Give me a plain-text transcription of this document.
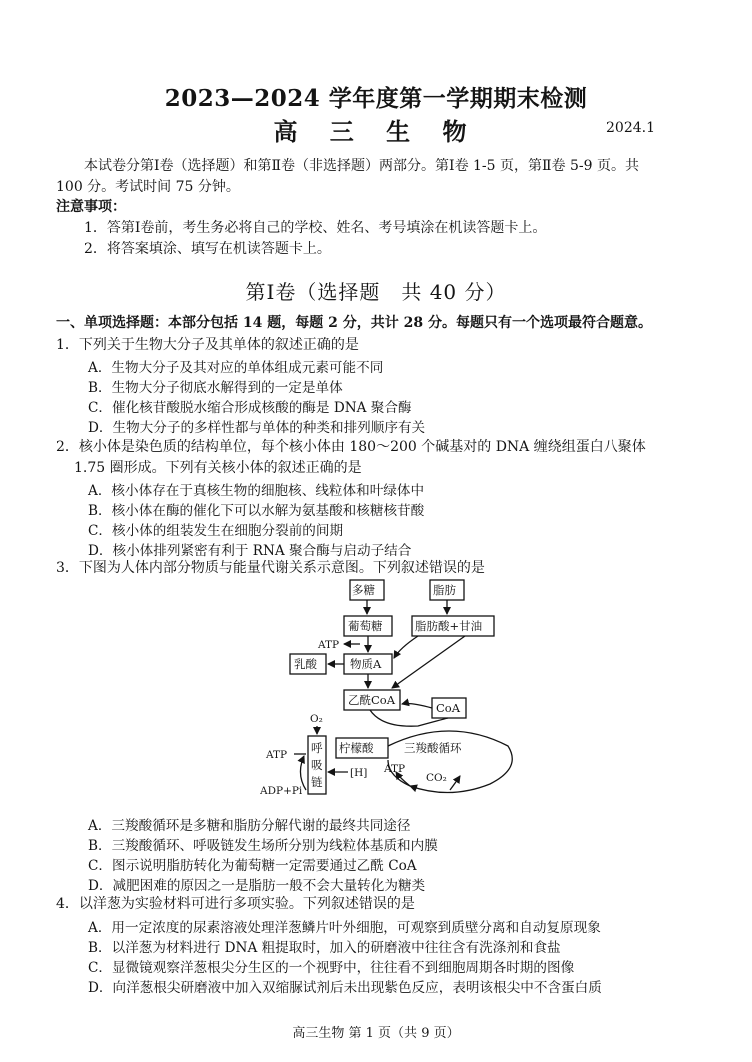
2023—2024 学年度第一学期期末检测
高 三 生 物	2024.1
本试卷分第Ⅰ卷（选择题）和第Ⅱ卷（非选择题）两部分。第Ⅰ卷 1-5 页，第Ⅱ卷 5-9 页。共
100 分。考试时间 75 分钟。
注意事项：
1．答第Ⅰ卷前，考生务必将自己的学校、姓名、考号填涂在机读答题卡上。
2．将答案填涂、填写在机读答题卡上。
第Ⅰ卷（选择题　共 40 分）
一、单项选择题：本部分包括 14 题，每题 2 分，共计 28 分。每题只有一个选项最符合题意。
1．下列关于生物大分子及其单体的叙述正确的是
A．生物大分子及其对应的单体组成元素可能不同
B．生物大分子彻底水解得到的一定是单体
C．催化核苷酸脱水缩合形成核酸的酶是 DNA 聚合酶
D．生物大分子的多样性都与单体的种类和排列顺序有关
2．核小体是染色质的结构单位，每个核小体由 180～200 个碱基对的 DNA 缠绕组蛋白八聚体
1.75 圈形成。下列有关核小体的叙述正确的是
A．核小体存在于真核生物的细胞核、线粒体和叶绿体中
B．核小体在酶的催化下可以水解为氨基酸和核糖核苷酸
C．核小体的组装发生在细胞分裂前的间期
D．核小体排列紧密有利于 RNA 聚合酶与启动子结合
3．下图为人体内部分物质与能量代谢关系示意图。下列叙述错误的是
多糖	脂肪
葡萄糖	脂肪酸+甘油
ATP
乳酸	物质A
乙酰CoA
CoA
O₂
ATP
ADP+Pi
呼
吸
链
柠檬酸
[H]
三羧酸循环
ATP
CO₂
A．三羧酸循环是多糖和脂肪分解代谢的最终共同途径
B．三羧酸循环、呼吸链发生场所分别为线粒体基质和内膜
C．图示说明脂肪转化为葡萄糖一定需要通过乙酰 CoA
D．减肥困难的原因之一是脂肪一般不会大量转化为糖类
4．以洋葱为实验材料可进行多项实验。下列叙述错误的是
A．用一定浓度的尿素溶液处理洋葱鳞片叶外细胞，可观察到质壁分离和自动复原现象
B．以洋葱为材料进行 DNA 粗提取时，加入的研磨液中往往含有洗涤剂和食盐
C．显微镜观察洋葱根尖分生区的一个视野中，往往看不到细胞周期各时期的图像
D．向洋葱根尖研磨液中加入双缩脲试剂后未出现紫色反应，表明该根尖中不含蛋白质
高三生物 第 1 页（共 9 页）
